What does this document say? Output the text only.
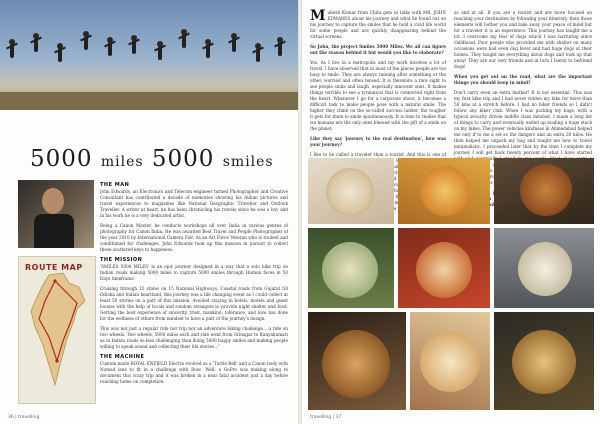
5000 miles 5000 smiles
ROUTE MAP
THE MAN

John Edwards, an Electronics and Telecom engineer turned Photographer and Creative Consultant has contributed a decade of memories showing his Indian pictures and travel experiences to magazines like National Geographic Traveller and Outlook Traveller. A writer at heart, he has been chronicling his travels since he was a boy and in his work he is a very dedicated artist.

Being a Canon Master, he conducts workshops all over India in various genres of photography for Canon India. He was awarded Best Travel and People Photographer of the year 2010 by International Camera Fair. As an Art Force Veteran who is trained and conditioned for challenges, John Edwards took up this mission in pursuit to collect these scattered keys to happiness.

THE MISSION

'SMILES 5000 MILES' is an epic journey designed in a way that a solo bike trip on Indian roads making 5000 miles to capture 5000 smiles through Human faces in 50 Days timeframe.

Cruising through 15 states on 15 National Highways, Coastal roads from Gujarat till Odisha and Indian heartland, this journey was a life changing event as I could collect at least 50 stories on a part of this mission. Avoided staying in hotels, motels and guest houses with the help of locals and random strangers to provide night shelter and food. Getting the best experience of sincerity, trust, mankind, tolerance, and love has done for the wellness of others from mindset to have a part of the journey's design.

This was not just a regular ride nor trip nor an adventure biking challenge... a ride on two wheels. Two wheels, 5000 miles each and ride went from Srinagar to Kanyakumari as in Indian roads so less challenging than doing 5000 happy smiles and making people willing to speak sound and collecting their life stories..."

THE MACHINE

Custom made ROYAL ENFIELD Electra evolved as a 'Turtle Bell' and a Canon body with Nomad lens to fit in a challenge with Bosc. Well, a GoPro was making along to document this crazy trip and it was broken in a near fatal accident just a day before reaching home on completion.

36 | travelling

Mukesh Kumar from Chitu gets in talks with MR. JOHN EDWARDS about his journey and what he found out on his journey to capture the smiles that he hold a vivid life world for some people and are quickly disappearing behind the virtual screens.

So John, the project Smiles 5000 Miles. We all can figure out the reason behind it but would you like to elaborate?

Yes. As I live in a metropolis and my work involves a lot of travel, I have observed that in most of the places people are too busy to smile. They are always running after something or the other, worried and often tensed. It is therefore a rare sight to see people smile and laugh, especially innocent ones. It makes things terrible to see a tyrannical that is connected right from the heart. Whenever I go for a corporate shoot, it becomes a difficult task to make people pose with a natural smile. The higher they climb on the so-called success ladder, the tougher it gets for them to smile spontaneously. It is time to realise that we humans are the only ones blessed with the gift of a smile on the planet.

Like they say 'journey to the real destination', how was your journey?

I like to be called a traveler than a tourist. And this is one of the in

so and at all. If you are a tourist and are more focused on reaching your destination by following your itinerary, then those elements will bother you and take away your peace of mind but for a traveler it is an experience. This journey has taught me a lot. I overcome my fear of dogs which I was nurturing since childhood. Poor people who provided me with shelter on many occasions were had even dog fever and had huge dogs at their homes. They taught me everything about dogs and took up that away! They are our very friends and in turn I learnt to befriend dogs!

When you get out on the road, what are the important things you should keep in mind?

Don't carry even an extra feather! It is not essential. This was my first bike trip and I had never ridden my bike for more than 50 kms at a stretch before. I had no biker friends so I didn't follow any biker club. When I was packing my bags, with a typical security driven middle class mindset, I made a long list of things to carry and eventually ended up loading a huge stack on my bikes. The power vehicles kindness in Ahmedabad helped me only if to me a set so the dangers and an extra 20 kilos. He then helped me unpack my bag and taught me how to travel minimalistic. I proceeded later that by the time I complete my journey I will get back twenty percent of what I have started

travelling | 37
